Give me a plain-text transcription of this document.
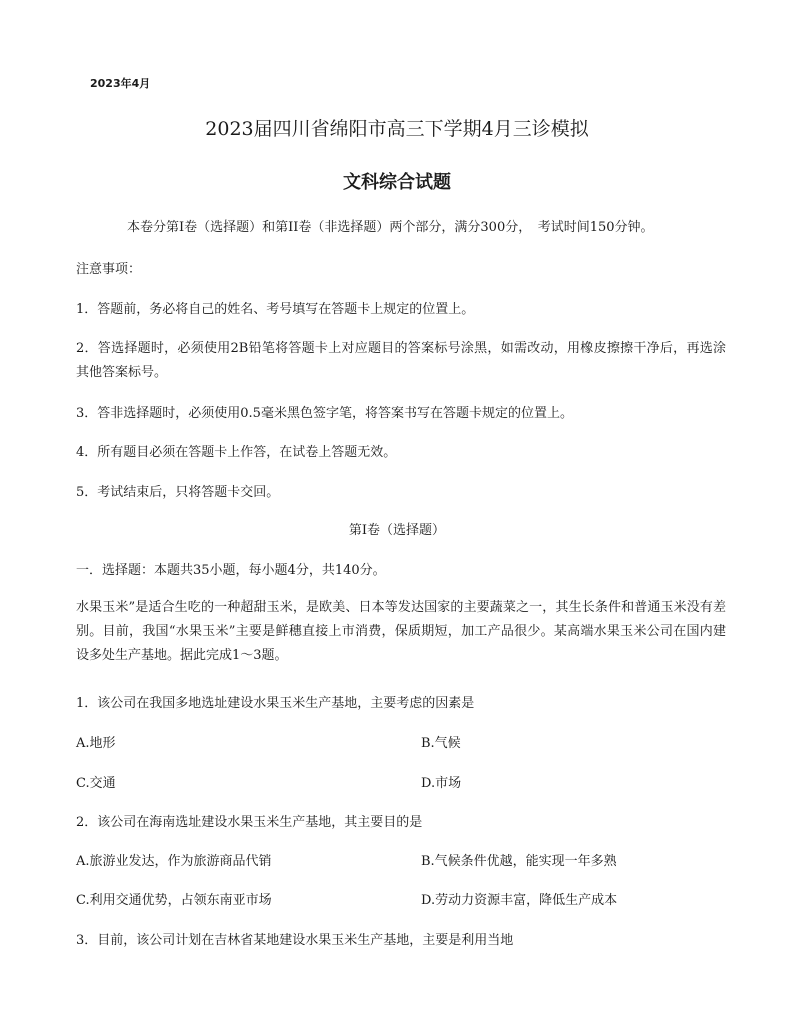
2023年4月
2023届四川省绵阳市高三下学期4月三诊模拟
文科综合试题
本卷分第Ⅰ卷（选择题）和第ⅠⅠ卷（非选择题）两个部分，满分300分，　考试时间150分钟。
注意事项：
1．答题前，务必将自己的姓名、考号填写在答题卡上规定的位置上。
2．答选择题时，必须使用2B铅笔将答题卡上对应题目的答案标号涂黑，如需改动，用橡皮擦擦干净后，再选涂其他答案标号。
3．答非选择题时，必须使用0.5毫米黑色签字笔，将答案书写在答题卡规定的位置上。
4．所有题目必须在答题卡上作答，在试卷上答题无效。
5．考试结束后，只将答题卡交回。
第Ⅰ卷（选择题）
一．选择题：本题共35小题，每小题4分，共140分。
水果玉米”是适合生吃的一种超甜玉米，是欧美、日本等发达国家的主要蔬菜之一，其生长条件和普通玉米没有差别。目前，我国“水果玉米”主要是鲜穗直接上市消费，保质期短，加工产品很少。某高端水果玉米公司在国内建设多处生产基地。据此完成1～3题。
1．该公司在我国多地选址建设水果玉米生产基地，主要考虑的因素是
A.地形	B.气候
C.交通	D.市场
2．该公司在海南选址建设水果玉米生产基地，其主要目的是
A.旅游业发达，作为旅游商品代销	B.气候条件优越，能实现一年多熟
C.利用交通优势，占领东南亚市场	D.劳动力资源丰富，降低生产成本
3．目前，该公司计划在吉林省某地建设水果玉米生产基地，主要是利用当地
